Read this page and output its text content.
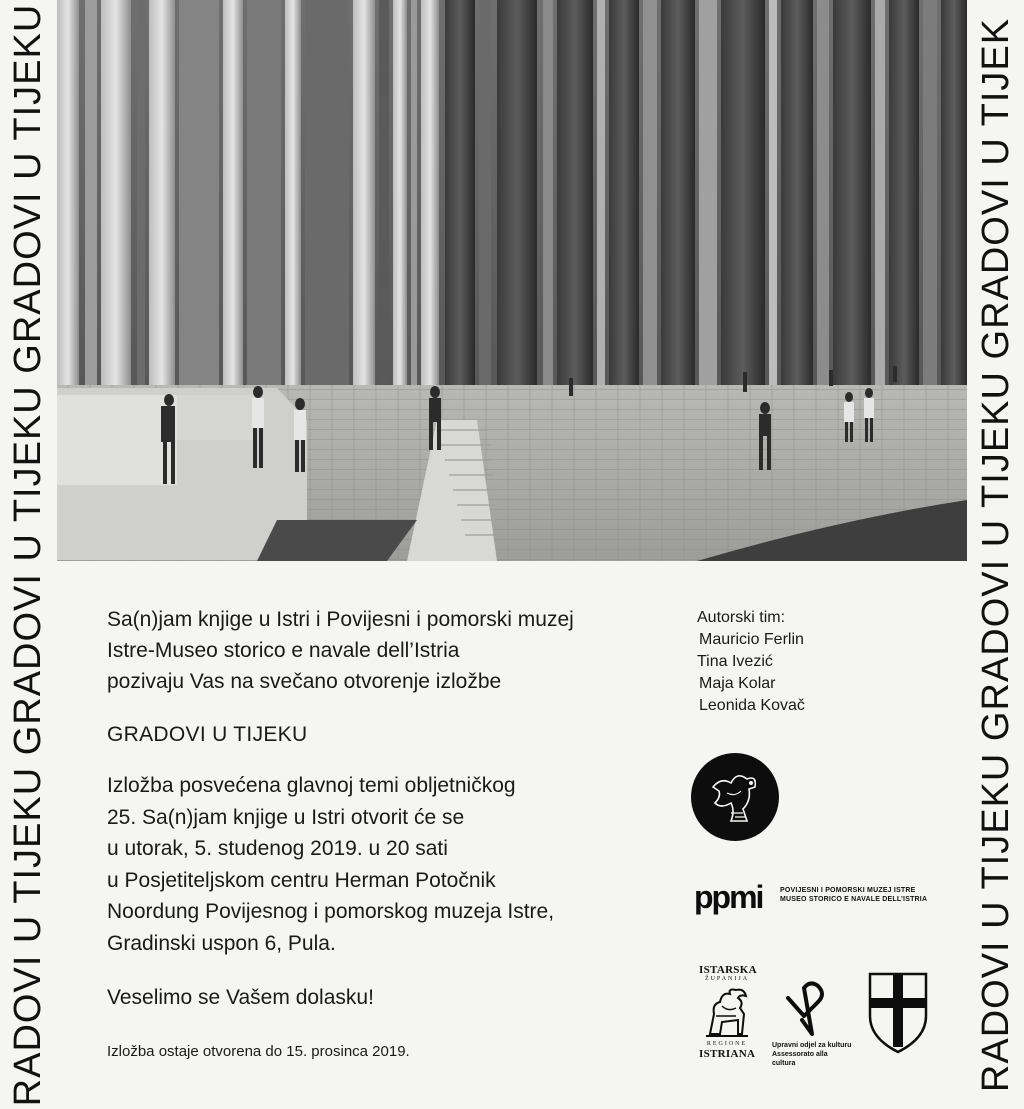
RADOVI U TIJEKU GRADOVI U TIJEKU GRADOVI U TIJEKU	RADOVI U TIJEKU GRADOVI U TIJEKU GRADOVI U TIJEK
Sa(n)jam knjige u Istri i Povijesni i pomorski muzej
Istre-Museo storico e navale dell’Istria
pozivaju Vas na svečano otvorenje izložbe
GRADOVI U TIJEKU
Izložba posvećena glavnoj temi obljetničkog
25. Sa(n)jam knjige u Istri otvorit će se
u utorak, 5. studenog 2019. u 20 sati
u Posjetiteljskom centru Herman Potočnik
Noordung Povijesnog i pomorskog muzeja Istre,
Gradinski uspon 6, Pula.
Veselimo se Vašem dolasku!
Izložba ostaje otvorena do 15. prosinca 2019.
Autorski tim:
Mauricio Ferlin
Tina Ivezić
Maja Kolar
Leonida Kovač
ppmi	POVIJESNI I POMORSKI MUZEJ ISTRE
MUSEO STORICO E NAVALE DELL’ISTRIA
ISTARSKA
ŽUPANIJA
REGIONE
ISTRIANA
Upravni odjel za kulturu
Assessorato alla cultura
